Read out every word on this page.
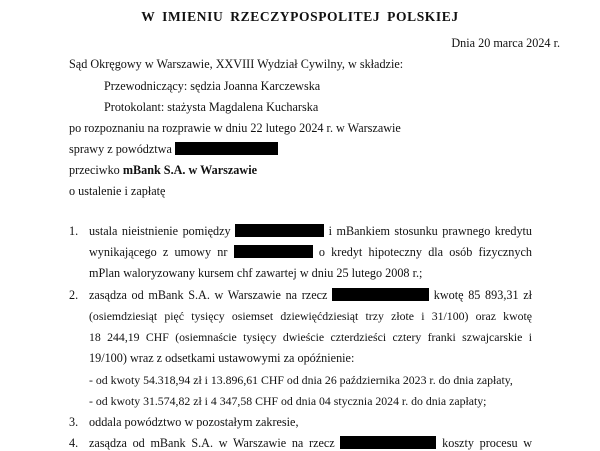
W IMIENIU RZECZYPOSPOLITEJ POLSKIEJ
Dnia 20 marca 2024 r.
Sąd Okręgowy w Warszawie, XXVIII Wydział Cywilny, w składzie:
Przewodniczący: sędzia Joanna Karczewska
Protokolant: stażysta Magdalena Kucharska
po rozpoznaniu na rozprawie w dniu 22 lutego 2024 r. w Warszawie
sprawy z powództwa
przeciwko mBank S.A. w Warszawie
o ustalenie i zapłatę
1. ustala nieistnienie pomiędzy	i mBankiem stosunku prawnego kredytu
wynikającego z umowy nr	o kredyt hipoteczny dla osób fizycznych
mPlan waloryzowany kursem chf zawartej w dniu 25 lutego 2008 r.;
2. zasądza od mBank S.A. w Warszawie na rzecz	kwotę 85 893,31 zł
(osiemdziesiąt pięć tysięcy osiemset dziewięćdziesiąt trzy złote i 31/100) oraz kwotę
18 244,19 CHF (osiemnaście tysięcy dwieście czterdzieści cztery franki szwajcarskie i
19/100) wraz z odsetkami ustawowymi za opóźnienie:
- od kwoty 54.318,94 zł i 13.896,61 CHF od dnia 26 października 2023 r. do dnia zapłaty,
- od kwoty 31.574,82 zł i 4 347,58 CHF od dnia 04 stycznia 2024 r. do dnia zapłaty;
3. oddala powództwo w pozostałym zakresie,
4. zasądza od mBank S.A. w Warszawie na rzecz	koszty procesu w
